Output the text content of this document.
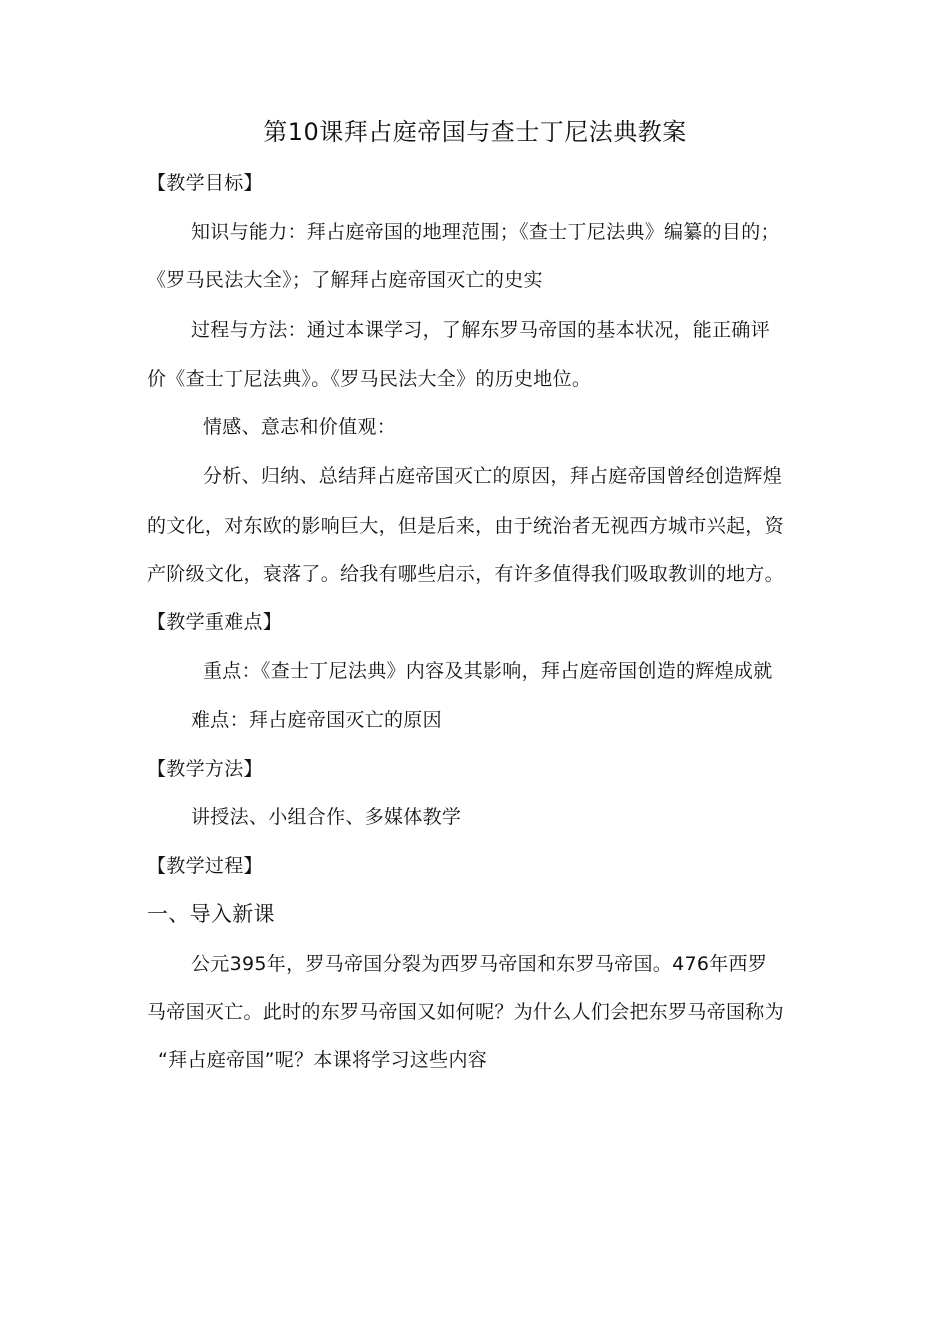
第10课拜占庭帝国与查士丁尼法典教案
【教学目标】
知识与能力：拜占庭帝国的地理范围；《查士丁尼法典》编纂的目的；
《罗马民法大全》；了解拜占庭帝国灭亡的史实
过程与方法：通过本课学习，了解东罗马帝国的基本状况，能正确评
价《查士丁尼法典》。《罗马民法大全》的历史地位。
情感、意志和价值观：
分析、归纳、总结拜占庭帝国灭亡的原因，拜占庭帝国曾经创造辉煌
的文化，对东欧的影响巨大，但是后来，由于统治者无视西方城市兴起，资
产阶级文化，衰落了。给我有哪些启示，有许多值得我们吸取教训的地方。
【教学重难点】
重点：《查士丁尼法典》内容及其影响，拜占庭帝国创造的辉煌成就
难点：拜占庭帝国灭亡的原因
【教学方法】
讲授法、小组合作、多媒体教学
【教学过程】
一、导入新课
公元395年，罗马帝国分裂为西罗马帝国和东罗马帝国。476年西罗
马帝国灭亡。此时的东罗马帝国又如何呢？为什么人们会把东罗马帝国称为
“拜占庭帝国”呢？本课将学习这些内容
